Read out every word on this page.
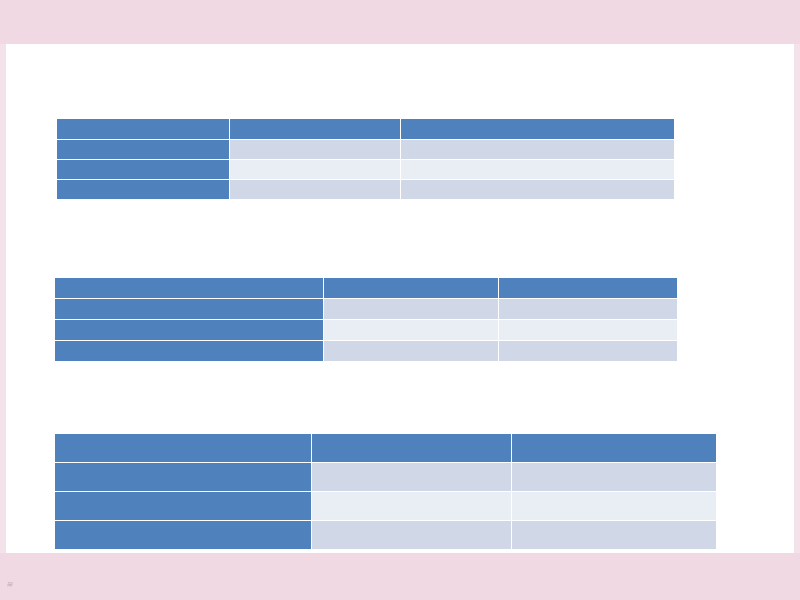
≋
